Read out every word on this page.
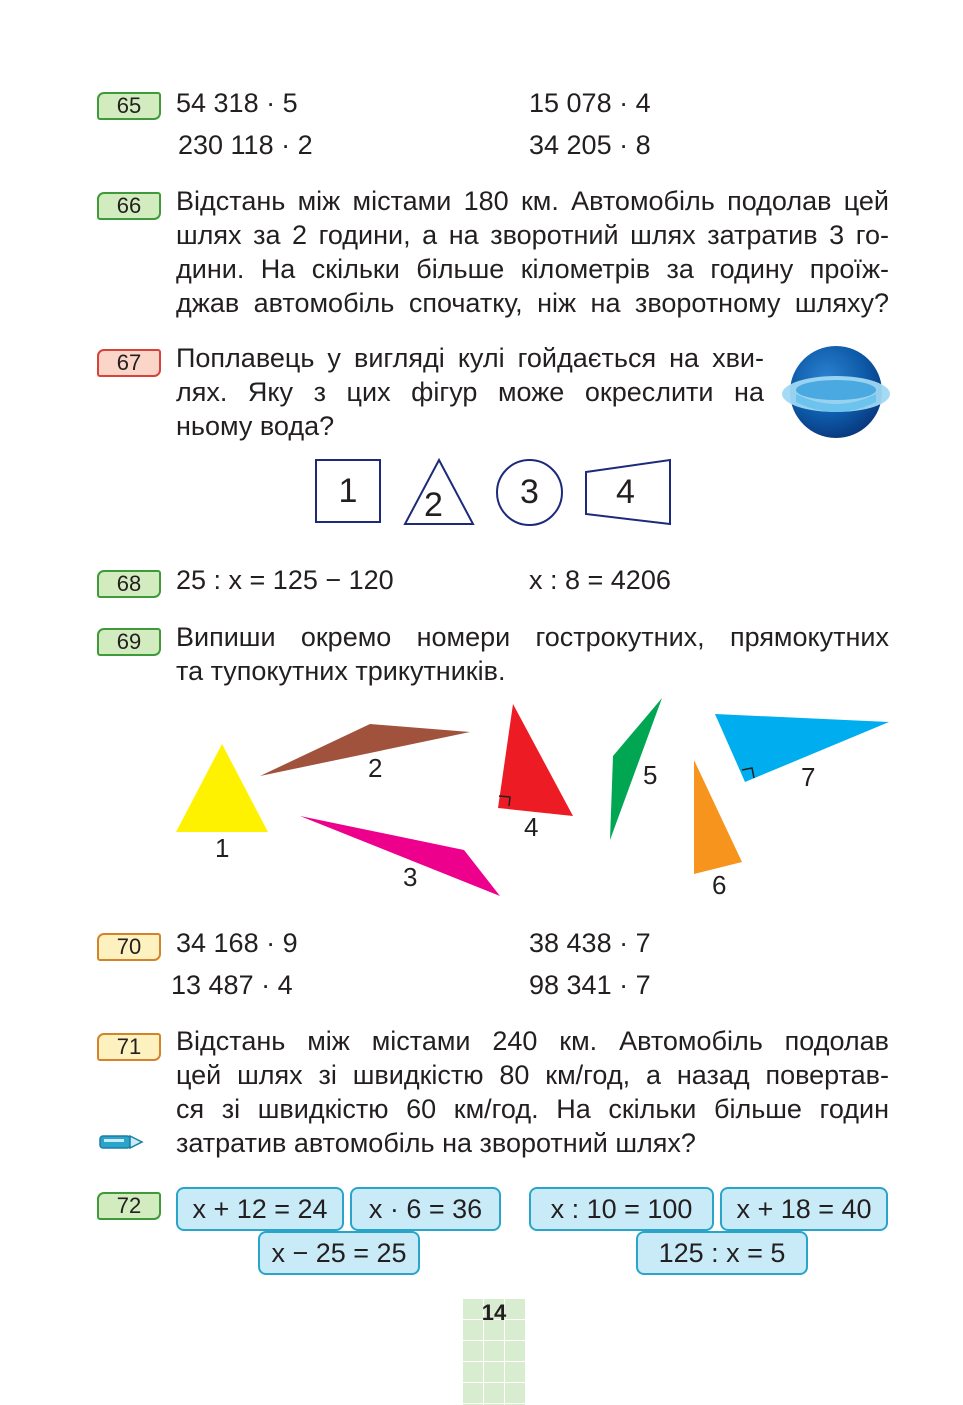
65	54 318 · 5	15 078 · 4
230 118 · 2	34 205 · 8
66	Відстань між містами 180 км. Автомобіль подолав цей
шлях за 2 години, а на зворотний шлях затратив 3 го-
дини. На скільки більше кілометрів за годину проїж-
джав автомобіль спочатку, ніж на зворотному шляху?
67	Поплавець у вигляді кулі гойдається на хви-
лях. Яку з цих фігур може окреслити на
ньому вода?
1	2	3	4
68	25 : x = 125 − 120	x : 8 = 4206
69	Випиши окремо номери гострокутних, прямокутних
та тупокутних трикутників.
1
2
3
4
5
6
7
70	34 168 · 9	38 438 · 7
13 487 · 4	98 341 · 7
71	Відстань між містами 240 км. Автомобіль подолав
цей шлях зі швидкістю 80 км/год, а назад повертав-
ся зі швидкістю 60 км/год. На скільки більше годин
затратив автомобіль на зворотний шлях?
72	x + 12 = 24	x · 6 = 36
x − 25 = 25
x : 10 = 100	x + 18 = 40
125 : x = 5
14
